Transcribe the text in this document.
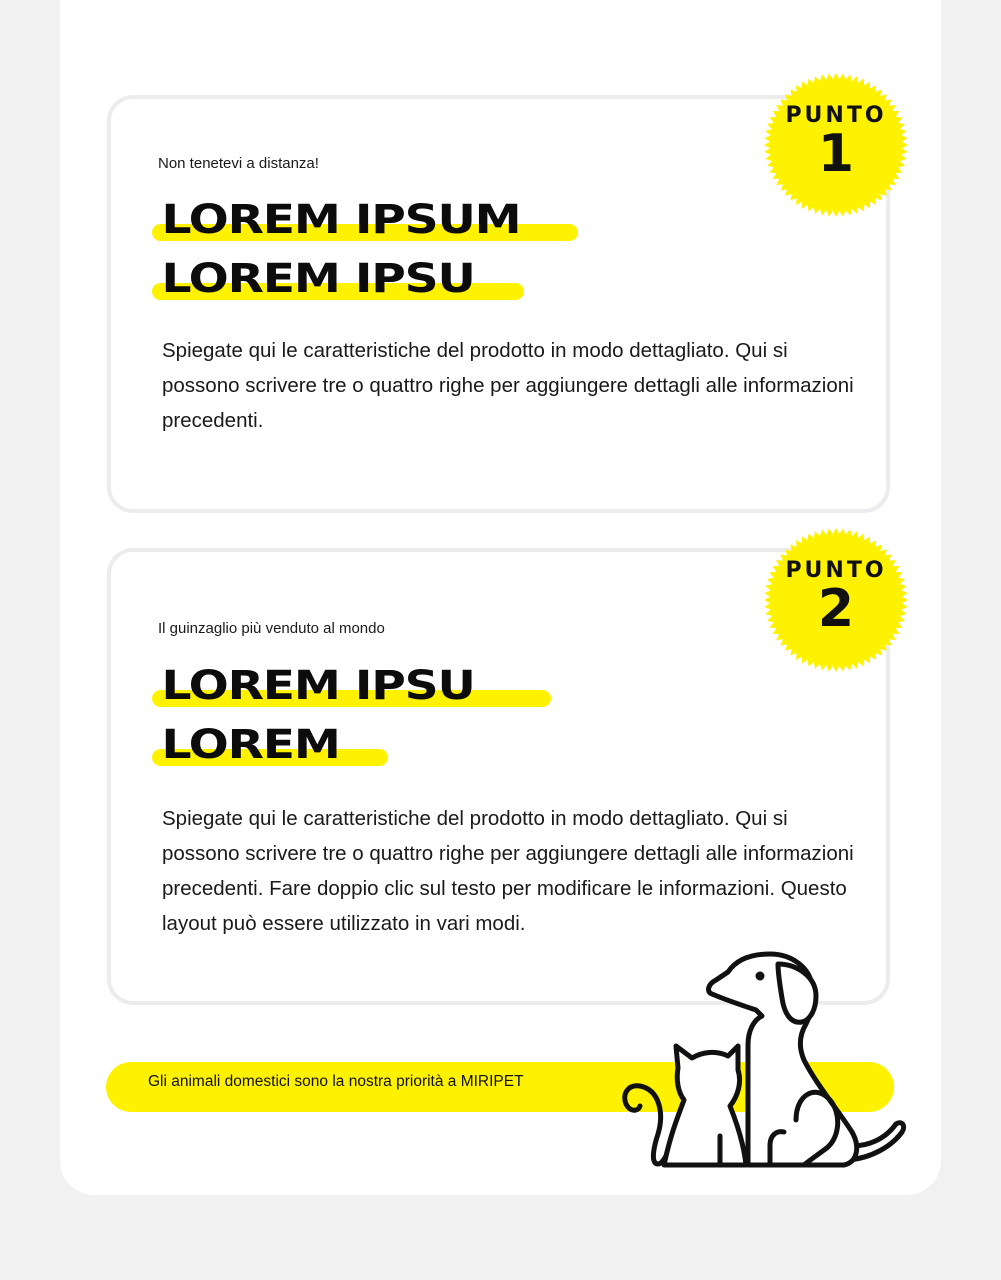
PUNTO
1
Non tenetevi a distanza!
LOREM IPSUM
LOREM IPSU
Spiegate qui le caratteristiche del prodotto in modo dettagliato. Qui si possono scrivere tre o quattro righe per aggiungere dettagli alle informazioni precedenti.
PUNTO
2
Il guinzaglio più venduto al mondo
LOREM IPSU
LOREM
Spiegate qui le caratteristiche del prodotto in modo dettagliato. Qui si possono scrivere tre o quattro righe per aggiungere dettagli alle informazioni precedenti. Fare doppio clic sul testo per modificare le informazioni. Questo layout può essere utilizzato in vari modi.
Gli animali domestici sono la nostra priorità a MIRIPET
